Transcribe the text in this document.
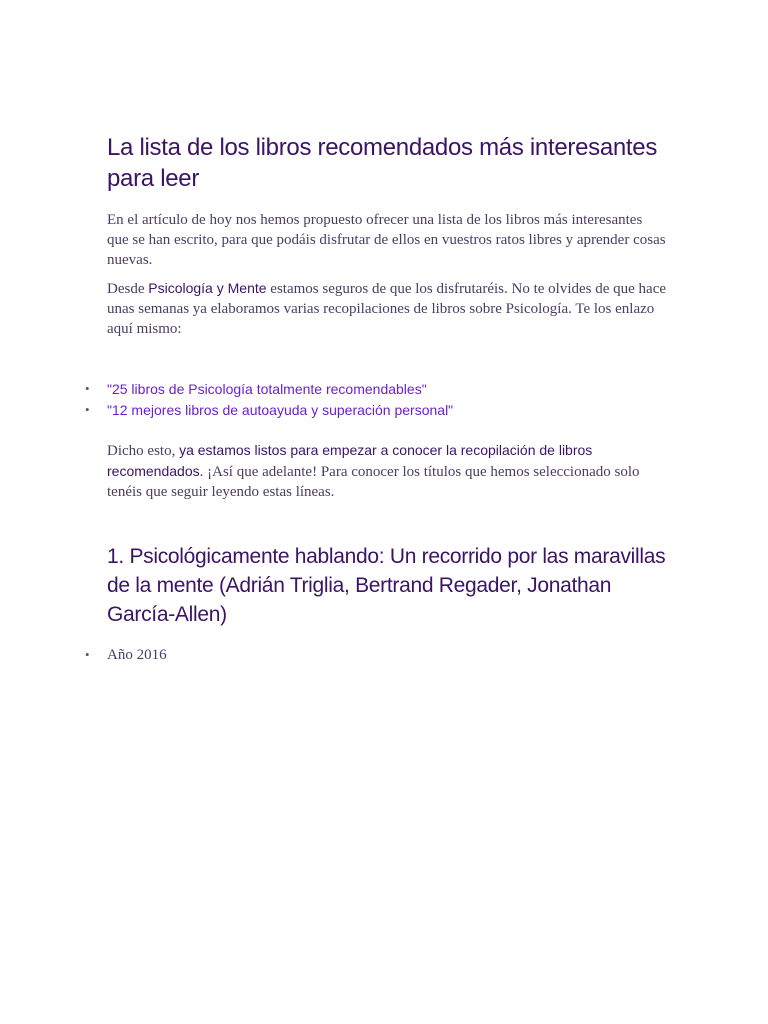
La lista de los libros recomendados más interesantes para leer

En el artículo de hoy nos hemos propuesto ofrecer una lista de los libros más interesantes que se han escrito, para que podáis disfrutar de ellos en vuestros ratos libres y aprender cosas nuevas.

Desde Psicología y Mente estamos seguros de que los disfrutaréis. No te olvides de que hace unas semanas ya elaboramos varias recopilaciones de libros sobre Psicología. Te los enlazo aquí mismo:

• "25 libros de Psicología totalmente recomendables"
• "12 mejores libros de autoayuda y superación personal"

Dicho esto, ya estamos listos para empezar a conocer la recopilación de libros recomendados. ¡Así que adelante! Para conocer los títulos que hemos seleccionado solo tenéis que seguir leyendo estas líneas.

1. Psicológicamente hablando: Un recorrido por las maravillas de la mente (Adrián Triglia, Bertrand Regader, Jonathan García-Allen)
• Año 2016
